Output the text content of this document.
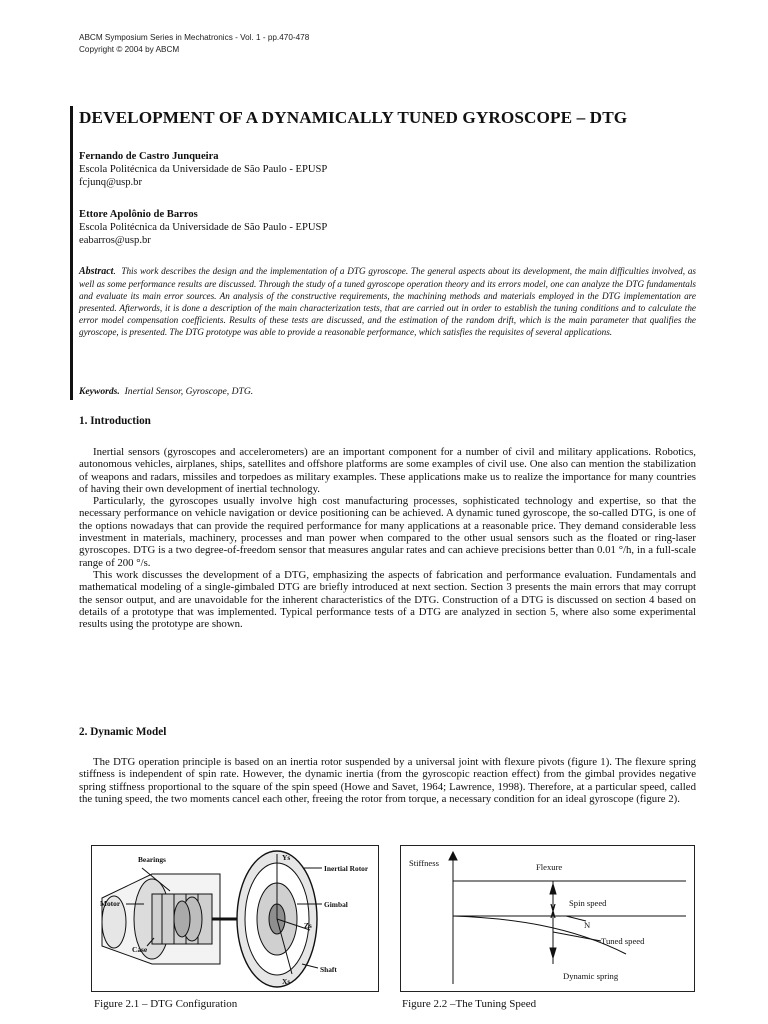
ABCM Symposium Series in Mechatronics - Vol. 1 - pp.470-478
Copyright © 2004 by ABCM
DEVELOPMENT OF A DYNAMICALLY TUNED GYROSCOPE – DTG
Fernando de Castro Junqueira
Escola Politécnica da Universidade de São Paulo - EPUSP
fcjunq@usp.br
Ettore Apolônio de Barros
Escola Politécnica da Universidade de São Paulo - EPUSP
eabarros@usp.br
Abstract.  This work describes the design and the implementation of a DTG gyroscope. The general aspects about its development, the main difficulties involved, as well as some performance results are discussed. Through the study of a tuned gyroscope operation theory and its errors model, one can analyze the DTG fundamentals and evaluate its main error sources. An analysis of the constructive requirements, the machining methods and materials employed in the DTG implementation are presented. Afterwords, it is done a description of the main characterization tests, that are carried out in order to establish the tuning conditions and to calculate the error model compensation coefficients. Results of these tests are discussed, and the estimation of the random drift, which is the main parameter that qualifies the gyroscope, is presented. The DTG prototype was able to provide a reasonable performance, which satisfies the requisites of several applications.
Keywords. Inertial Sensor, Gyroscope, DTG.
1. Introduction

Inertial sensors (gyroscopes and accelerometers) are an important component for a number of civil and military applications. Robotics, autonomous vehicles, airplanes, ships, satellites and offshore platforms are some examples of civil use. One also can mention the stabilization of weapons and radars, missiles and torpedoes as military examples. These applications make us to realize the importance for many countries of having their own development of inertial technology.

Particularly, the gyroscopes usually involve high cost manufacturing processes, sophisticated technology and expertise, so that the necessary performance on vehicle navigation or device positioning can be achieved. A dynamic tuned gyroscope, the so-called DTG, is one of the options nowadays that can provide the required performance for many applications at a reasonable price. They demand considerable less investment in materials, machinery, processes and man power when compared to the other usual sensors such as the floated or ring-laser gyroscopes. DTG is a two degree-of-freedom sensor that measures angular rates and can achieve precisions better than 0.01 °/h, in a full-scale range of 200 °/s.

This work discusses the development of a DTG, emphasizing the aspects of fabrication and performance evaluation. Fundamentals and mathematical modeling of a single-gimbaled DTG are briefly introduced at next section. Section 3 presents the main errors that may corrupt the sensor output, and are unavoidable for the inherent characteristics of the DTG. Construction of a DTG is discussed on section 4 based on details of a prototype that was implemented. Typical performance tests of a DTG are analyzed in section 5, where also some experimental results using the prototype are shown.

2. Dynamic Model

The DTG operation principle is based on an inertia rotor suspended by a universal joint with flexure pivots (figure 1). The flexure spring stiffness is independent of spin rate. However, the dynamic inertia (from the gyroscopic reaction effect) from the gimbal provides negative spring stiffness proportional to the square of the spin speed (Howe and Savet, 1964; Lawrence, 1998). Therefore, at a particular speed, called the tuning speed, the two moments cancel each other, freeing the rotor from torque, a necessary condition for an ideal gyroscope (figure 2).

Bearings	Ys
Inertial Rotor
Motor	Gimbal
Zs
Case
Shaft
Xs
Figure 2.1 – DTG Configuration
Stiffness	Flexure
Spin speed
N
Tuned speed
Dynamic spring
Figure 2.2 –The Tuning Speed
